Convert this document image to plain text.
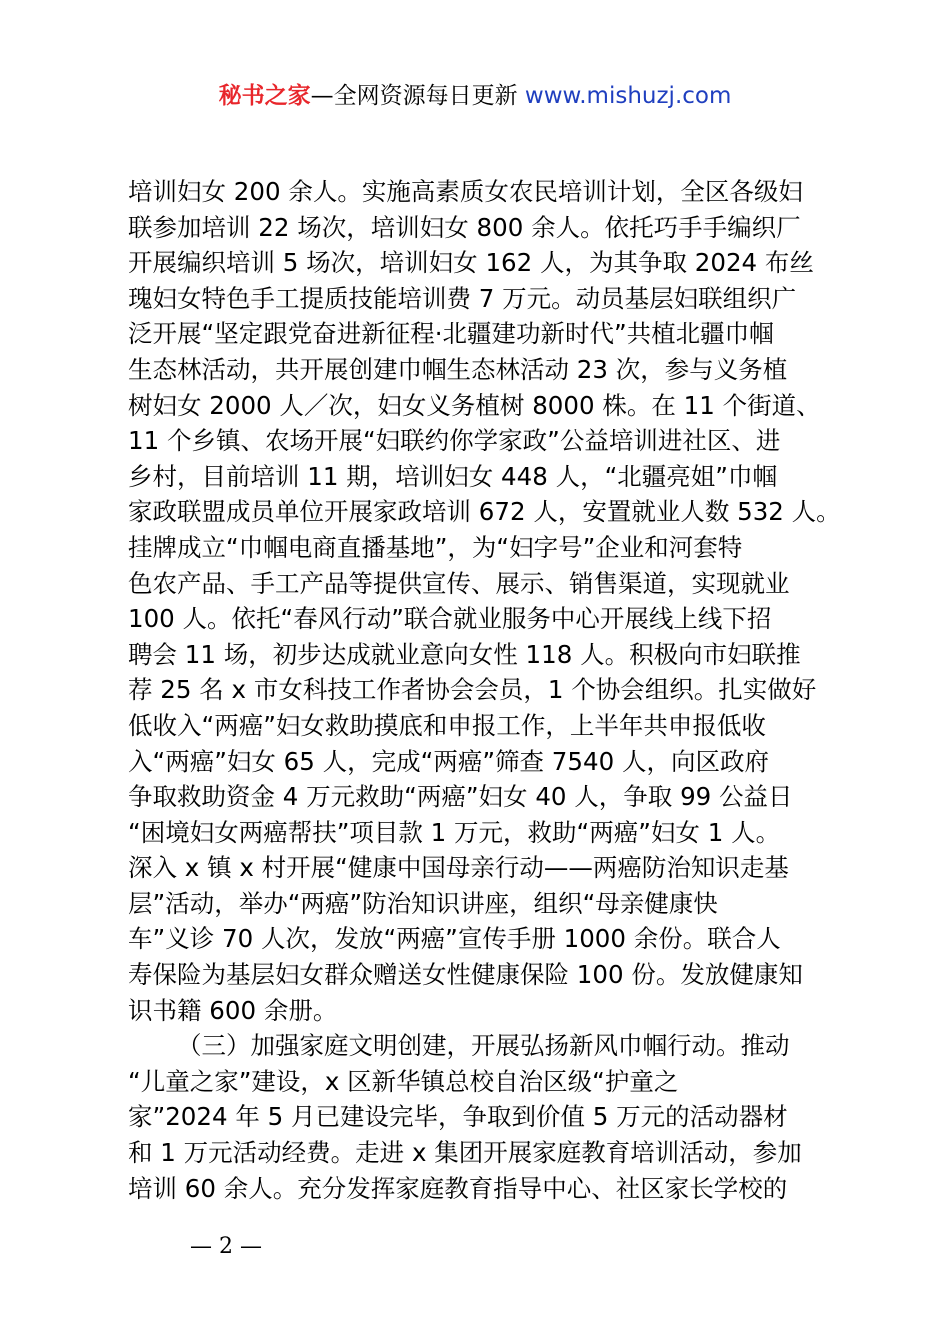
秘书之家—全网资源每日更新 www.mishuzj.com
培训妇女 200 余人。实施高素质女农民培训计划，全区各级妇
联参加培训 22 场次，培训妇女 800 余人。依托巧手手编织厂
开展编织培训 5 场次，培训妇女 162 人，为其争取 2024 布丝
瑰妇女特色手工提质技能培训费 7 万元。动员基层妇联组织广
泛开展“坚定跟党奋进新征程·北疆建功新时代”共植北疆巾帼
生态林活动，共开展创建巾帼生态林活动 23 次，参与义务植
树妇女 2000 人／次，妇女义务植树 8000 株。在 11 个街道、
11 个乡镇、农场开展“妇联约你学家政”公益培训进社区、进
乡村，目前培训 11 期，培训妇女 448 人，“北疆亮姐”巾帼
家政联盟成员单位开展家政培训 672 人，安置就业人数 532 人。
挂牌成立“巾帼电商直播基地”，为“妇字号”企业和河套特
色农产品、手工产品等提供宣传、展示、销售渠道，实现就业
100 人。依托“春风行动”联合就业服务中心开展线上线下招
聘会 11 场，初步达成就业意向女性 118 人。积极向市妇联推
荐 25 名 x 市女科技工作者协会会员，1 个协会组织。扎实做好
低收入“两癌”妇女救助摸底和申报工作，上半年共申报低收
入“两癌”妇女 65 人，完成“两癌”筛查 7540 人，向区政府
争取救助资金 4 万元救助“两癌”妇女 40 人，争取 99 公益日
“困境妇女两癌帮扶”项目款 1 万元，救助“两癌”妇女 1 人。
深入 x 镇 x 村开展“健康中国母亲行动——两癌防治知识走基
层”活动，举办“两癌”防治知识讲座，组织“母亲健康快
车”义诊 70 人次，发放“两癌”宣传手册 1000 余份。联合人
寿保险为基层妇女群众赠送女性健康保险 100 份。发放健康知
识书籍 600 余册。
（三）加强家庭文明创建，开展弘扬新风巾帼行动。推动
“儿童之家”建设，x 区新华镇总校自治区级“护童之
家”2024 年 5 月已建设完毕，争取到价值 5 万元的活动器材
和 1 万元活动经费。走进 x 集团开展家庭教育培训活动，参加
培训 60 余人。充分发挥家庭教育指导中心、社区家长学校的
— 2 —
